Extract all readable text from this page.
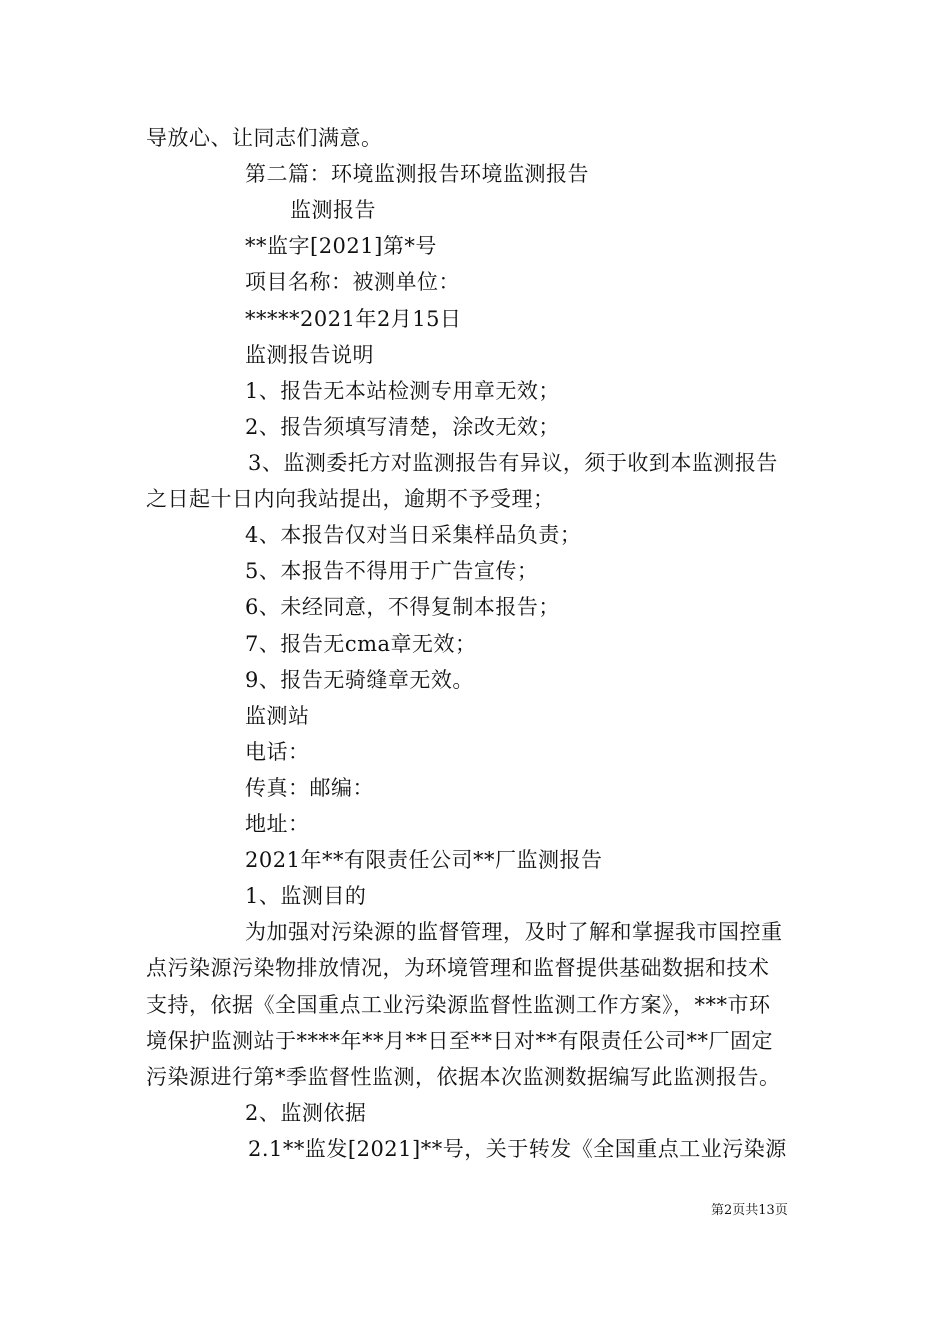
导放心、让同志们满意。
第二篇：环境监测报告环境监测报告
监测报告
**监字[2021]第*号
项目名称：被测单位：
*****2021年2月15日
监测报告说明
1、报告无本站检测专用章无效；
2、报告须填写清楚，涂改无效；
3、监测委托方对监测报告有异议，须于收到本监测报告
之日起十日内向我站提出，逾期不予受理；
4、本报告仅对当日采集样品负责；
5、本报告不得用于广告宣传；
6、未经同意，不得复制本报告；
7、报告无cma章无效；
9、报告无骑缝章无效。
监测站
电话：
传真：邮编：
地址：
2021年**有限责任公司**厂监测报告
1、监测目的
为加强对污染源的监督管理，及时了解和掌握我市国控重
点污染源污染物排放情况，为环境管理和监督提供基础数据和技术
支持，依据《全国重点工业污染源监督性监测工作方案》，***市环
境保护监测站于****年**月**日至**日对**有限责任公司**厂固定
污染源进行第*季监督性监测，依据本次监测数据编写此监测报告。
2、监测依据
2.1**监发[2021]**号，关于转发《全国重点工业污染源
第2页共13页
